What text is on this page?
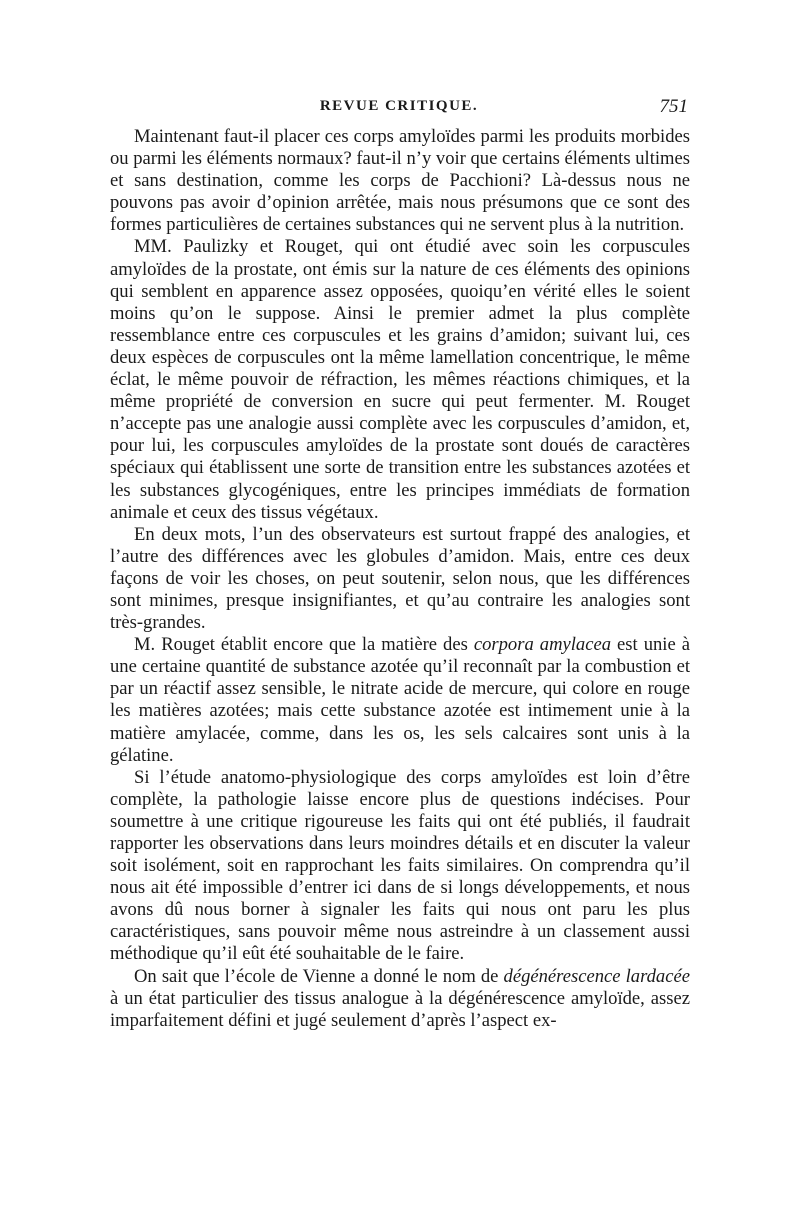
REVUE CRITIQUE.	751

Maintenant faut-il placer ces corps amyloïdes parmi les produits morbides ou parmi les éléments normaux? faut-il n’y voir que certains éléments ultimes et sans destination, comme les corps de Pacchioni? Là-dessus nous ne pouvons pas avoir d’opinion arrêtée, mais nous présumons que ce sont des formes particulières de certaines substances qui ne servent plus à la nutrition.

MM. Paulizky et Rouget, qui ont étudié avec soin les corpuscules amyloïdes de la prostate, ont émis sur la nature de ces éléments des opinions qui semblent en apparence assez opposées, quoiqu’en vérité elles le soient moins qu’on le suppose. Ainsi le premier admet la plus complète ressemblance entre ces corpuscules et les grains d’amidon; suivant lui, ces deux espèces de corpuscules ont la même lamellation concentrique, le même éclat, le même pouvoir de réfraction, les mêmes réactions chimiques, et la même propriété de conversion en sucre qui peut fermenter. M. Rouget n’accepte pas une analogie aussi complète avec les corpuscules d’amidon, et, pour lui, les corpuscules amyloïdes de la prostate sont doués de caractères spéciaux qui établissent une sorte de transition entre les substances azotées et les substances glycogéniques, entre les principes immédiats de formation animale et ceux des tissus végétaux.

En deux mots, l’un des observateurs est surtout frappé des analogies, et l’autre des différences avec les globules d’amidon. Mais, entre ces deux façons de voir les choses, on peut soutenir, selon nous, que les différences sont minimes, presque insignifiantes, et qu’au contraire les analogies sont très-grandes.

M. Rouget établit encore que la matière des corpora amylacea est unie à une certaine quantité de substance azotée qu’il reconnaît par la combustion et par un réactif assez sensible, le nitrate acide de mercure, qui colore en rouge les matières azotées; mais cette substance azotée est intimement unie à la matière amylacée, comme, dans les os, les sels calcaires sont unis à la gélatine.

Si l’étude anatomo-physiologique des corps amyloïdes est loin d’être complète, la pathologie laisse encore plus de questions indécises. Pour soumettre à une critique rigoureuse les faits qui ont été publiés, il faudrait rapporter les observations dans leurs moindres détails et en discuter la valeur soit isolément, soit en rapprochant les faits similaires. On comprendra qu’il nous ait été impossible d’entrer ici dans de si longs développements, et nous avons dû nous borner à signaler les faits qui nous ont paru les plus caractéristiques, sans pouvoir même nous astreindre à un classement aussi méthodique qu’il eût été souhaitable de le faire.

On sait que l’école de Vienne a donné le nom de dégénérescence lardacée à un état particulier des tissus analogue à la dégénérescence amyloïde, assez imparfaitement défini et jugé seulement d’après l’aspect ex-
